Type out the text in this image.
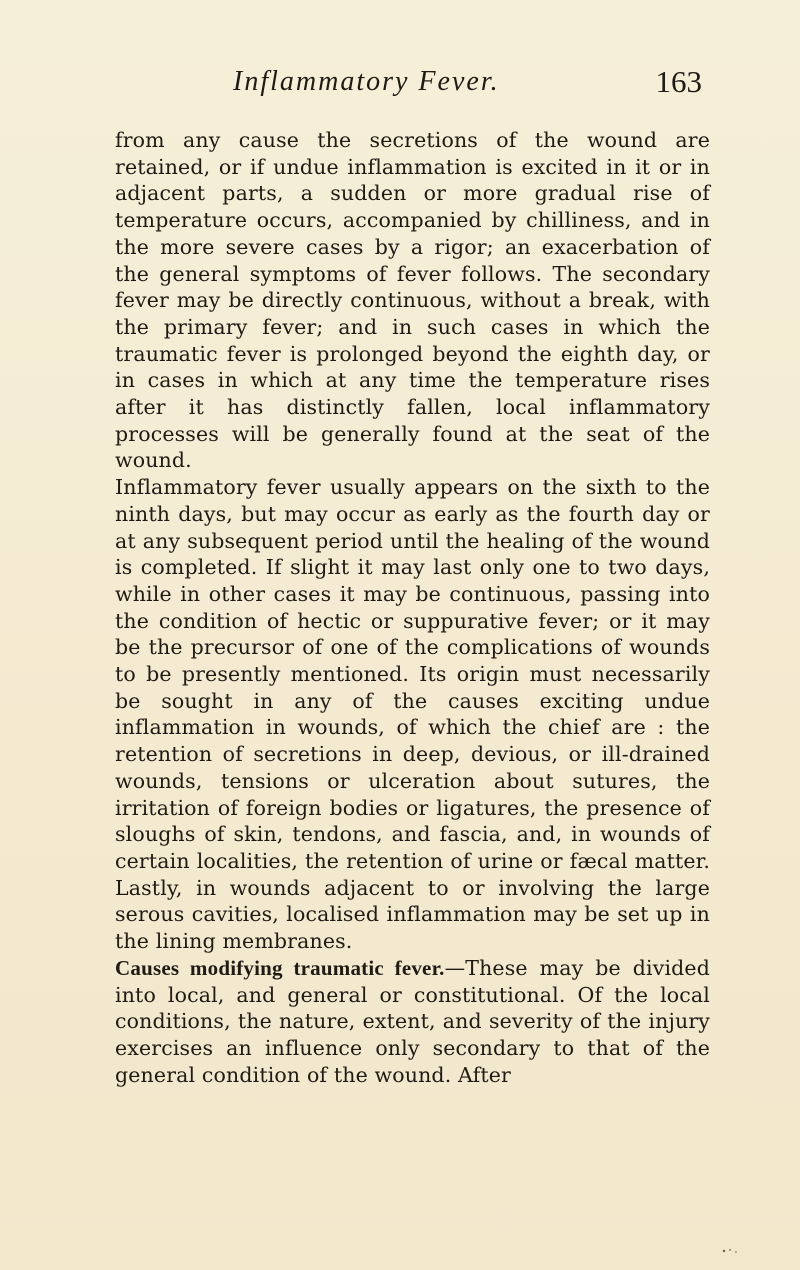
Inflammatory Fever.	163

from any cause the secretions of the wound are retained, or if undue inflammation is excited in it or in adjacent parts, a sudden or more gradual rise of temperature occurs, accompanied by chilliness, and in the more severe cases by a rigor; an exacerbation of the general symptoms of fever follows. The secondary fever may be directly continuous, without a break, with the primary fever; and in such cases in which the traumatic fever is prolonged beyond the eighth day, or in cases in which at any time the temperature rises after it has distinctly fallen, local inflammatory processes will be generally found at the seat of the wound.

Inflammatory fever usually appears on the sixth to the ninth days, but may occur as early as the fourth day or at any subsequent period until the healing of the wound is completed. If slight it may last only one to two days, while in other cases it may be continuous, passing into the condition of hectic or suppurative fever; or it may be the precursor of one of the complications of wounds to be presently mentioned. Its origin must necessarily be sought in any of the causes exciting undue inflammation in wounds, of which the chief are : the retention of secretions in deep, devious, or ill-drained wounds, tensions or ulceration about sutures, the irritation of foreign bodies or ligatures, the presence of sloughs of skin, tendons, and fascia, and, in wounds of certain localities, the retention of urine or fæcal matter. Lastly, in wounds adjacent to or involving the large serous cavities, localised inflammation may be set up in the lining membranes.

Causes modifying traumatic fever.—These may be divided into local, and general or constitutional. Of the local conditions, the nature, extent, and severity of the injury exercises an influence only secondary to that of the general condition of the wound. After
